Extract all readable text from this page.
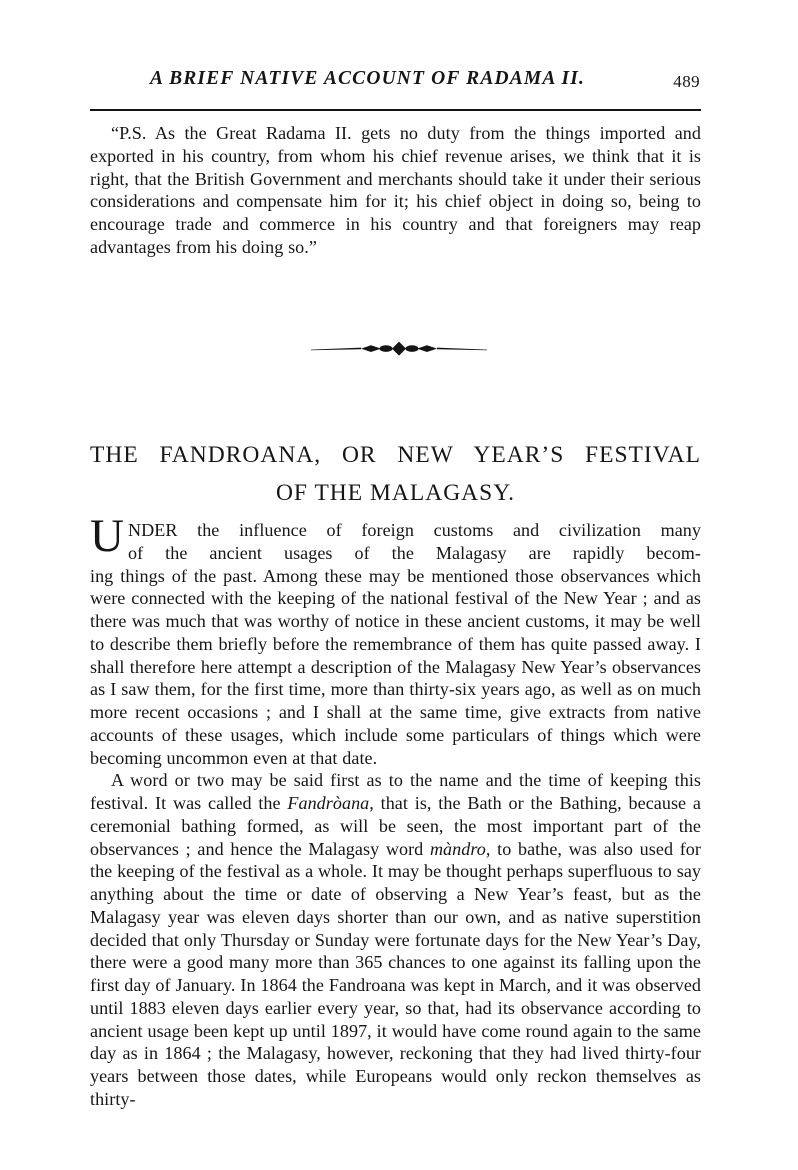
A BRIEF NATIVE ACCOUNT OF RADAMA II.	489

“P.S. As the Great Radama II. gets no duty from the things imported and exported in his country, from whom his chief revenue arises, we think that it is right, that the British Government and merchants should take it under their serious considerations and compensate him for it; his chief object in doing so, being to encourage trade and commerce in his country and that foreigners may reap advantages from his doing so.”

THE FANDROANA, OR NEW YEAR’S FESTIVAL
OF THE MALAGASY.
U NDER the influence of foreign customs and civilization many

of the ancient usages of the Malagasy are rapidly becom-

ing things of the past. Among these may be mentioned those observances which were connected with the keeping of the national festival of the New Year ; and as there was much that was worthy of notice in these ancient customs, it may be well to describe them briefly before the remembrance of them has quite passed away. I shall therefore here attempt a description of the Malagasy New Year’s observances as I saw them, for the first time, more than thirty-six years ago, as well as on much more recent occasions ; and I shall at the same time, give extracts from native accounts of these usages, which include some particulars of things which were becoming uncommon even at that date.

A word or two may be said first as to the name and the time of keeping this festival. It was called the Fandròana, that is, the Bath or the Bathing, because a ceremonial bathing formed, as will be seen, the most important part of the observances ; and hence the Malagasy word màndro, to bathe, was also used for the keeping of the festival as a whole. It may be thought perhaps superfluous to say anything about the time or date of observing a New Year’s feast, but as the Malagasy year was eleven days shorter than our own, and as native superstition decided that only Thursday or Sunday were fortunate days for the New Year’s Day, there were a good many more than 365 chances to one against its falling upon the first day of January. In 1864 the Fandroana was kept in March, and it was observed until 1883 eleven days earlier every year, so that, had its observance according to ancient usage been kept up until 1897, it would have come round again to the same day as in 1864 ; the Malagasy, however, reckoning that they had lived thirty-four years between those dates, while Europeans would only reckon themselves as thirty-
